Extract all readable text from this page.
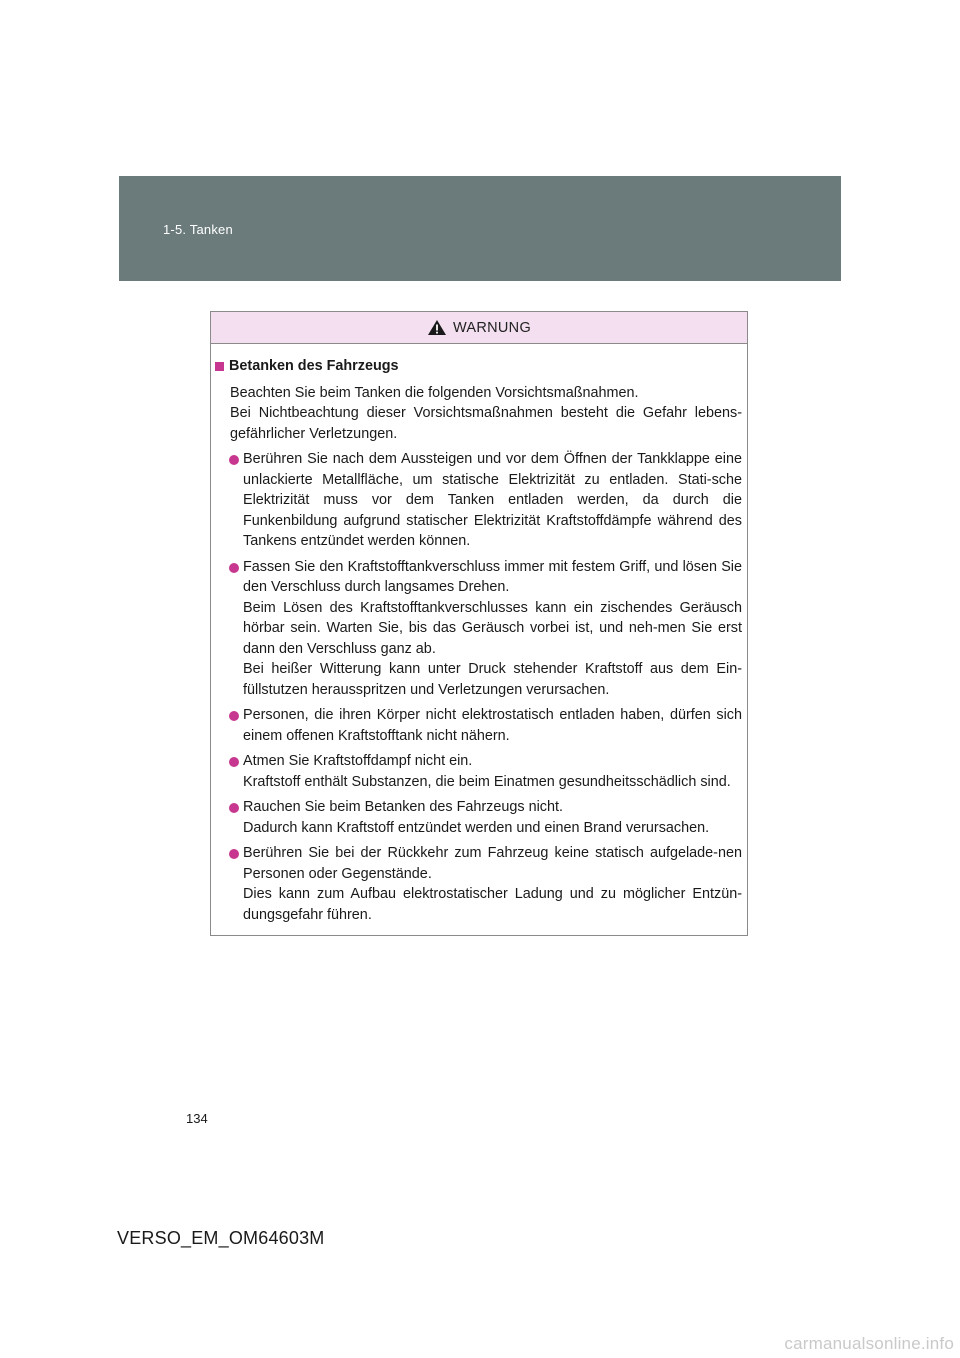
1-5. Tanken
WARNUNG
Betanken des Fahrzeugs

Beachten Sie beim Tanken die folgenden Vorsichtsmaßnahmen.

Bei Nichtbeachtung dieser Vorsichtsmaßnahmen besteht die Gefahr lebens-gefährlicher Verletzungen.

Berühren Sie nach dem Aussteigen und vor dem Öffnen der Tankklappe eine unlackierte Metallfläche, um statische Elektrizität zu entladen. Stati-sche Elektrizität muss vor dem Tanken entladen werden, da durch die Funkenbildung aufgrund statischer Elektrizität Kraftstoffdämpfe während des Tankens entzündet werden können.

Fassen Sie den Kraftstofftankverschluss immer mit festem Griff, und lösen Sie den Verschluss durch langsames Drehen.

Beim Lösen des Kraftstofftankverschlusses kann ein zischendes Geräusch hörbar sein. Warten Sie, bis das Geräusch vorbei ist, und neh-men Sie erst dann den Verschluss ganz ab.

Bei heißer Witterung kann unter Druck stehender Kraftstoff aus dem Ein-füllstutzen herausspritzen und Verletzungen verursachen.

Personen, die ihren Körper nicht elektrostatisch entladen haben, dürfen sich einem offenen Kraftstofftank nicht nähern.

Atmen Sie Kraftstoffdampf nicht ein.

Kraftstoff enthält Substanzen, die beim Einatmen gesundheitsschädlich sind.

Rauchen Sie beim Betanken des Fahrzeugs nicht.

Dadurch kann Kraftstoff entzündet werden und einen Brand verursachen.

Berühren Sie bei der Rückkehr zum Fahrzeug keine statisch aufgelade-nen Personen oder Gegenstände.

Dies kann zum Aufbau elektrostatischer Ladung und zu möglicher Entzün-dungsgefahr führen.

134
VERSO_EM_OM64603M
carmanualsonline.info
